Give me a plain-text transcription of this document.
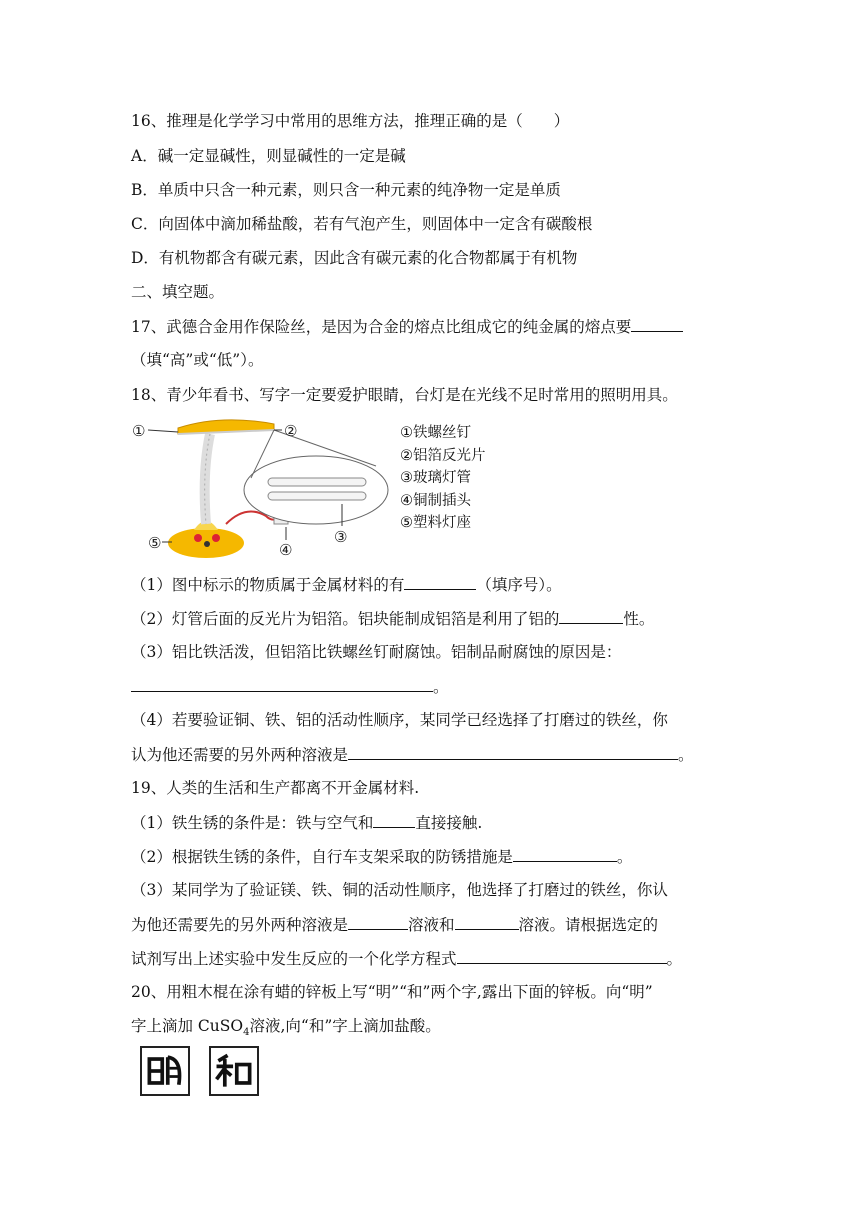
16、推理是化学学习中常用的思维方法，推理正确的是（　　）
A．碱一定显碱性，则显碱性的一定是碱
B．单质中只含一种元素，则只含一种元素的纯净物一定是单质
C．向固体中滴加稀盐酸，若有气泡产生，则固体中一定含有碳酸根
D．有机物都含有碳元素，因此含有碳元素的化合物都属于有机物
二、填空题。
17、武德合金用作保险丝，是因为合金的熔点比组成它的纯金属的熔点要
（填“高”或“低”）。
18、青少年看书、写字一定要爱护眼睛，台灯是在光线不足时常用的照明用具。
①	②
③
④
⑤
①铁螺丝钉
②铝箔反光片
③玻璃灯管
④铜制插头
⑤塑料灯座
（1）图中标示的物质属于金属材料的有	（填序号）。
（2）灯管后面的反光片为铝箔。铝块能制成铝箔是利用了铝的	性。
（3）铝比铁活泼，但铝箔比铁螺丝钉耐腐蚀。铝制品耐腐蚀的原因是：
。
（4）若要验证铜、铁、铝的活动性顺序，某同学已经选择了打磨过的铁丝，你
认为他还需要的另外两种溶液是	。
19、人类的生活和生产都离不开金属材料.
（1）铁生锈的条件是：铁与空气和	直接接触.
（2）根据铁生锈的条件，自行车支架采取的防锈措施是	。
（3）某同学为了验证镁、铁、铜的活动性顺序，他选择了打磨过的铁丝，你认
为他还需要先的另外两种溶液是	溶液和	溶液。请根据选定的
试剂写出上述实验中发生反应的一个化学方程式	。
20、用粗木棍在涂有蜡的锌板上写“明”“和”两个字,露出下面的锌板。向“明”
字上滴加 CuSO$_4$溶液,向“和”字上滴加盐酸。
